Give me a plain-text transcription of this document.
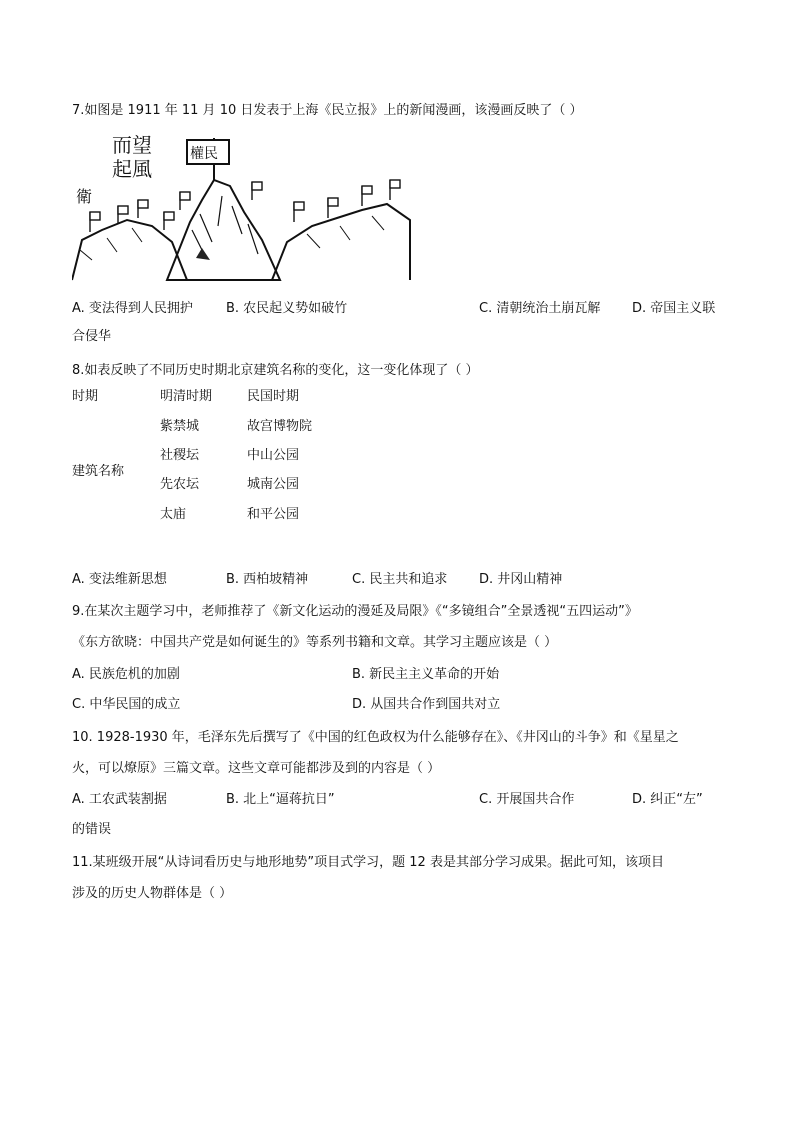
7.如图是 1911 年 11 月 10 日发表于上海《民立报》上的新闻漫画，该漫画反映了（ ）
而望
起風
衛
權民
A. 变法得到人民拥护	B. 农民起义势如破竹	C. 清朝统治土崩瓦解 D. 帝国主义联
合侵华
8.如表反映了不同历史时期北京建筑名称的变化，这一变化体现了（ ）
时期	明清时期	民国时期
建筑名称
紫禁城	故宫博物院
社稷坛	中山公园
先农坛	城南公园
太庙	和平公园
A. 变法维新思想	B. 西柏坡精神	C. 民主共和追求 D. 井冈山精神
9.在某次主题学习中，老师推荐了《新文化运动的漫延及局限》《“多镜组合”全景透视“五四运动”》
《东方欲晓：中国共产党是如何诞生的》等系列书籍和文章。其学习主题应该是（ ）
A. 民族危机的加剧	B. 新民主主义革命的开始
C. 中华民国的成立	D. 从国共合作到国共对立
10. 1928-1930 年，毛泽东先后撰写了《中国的红色政权为什么能够存在》、《井冈山的斗争》和《星星之
火，可以燎原》三篇文章。这些文章可能都涉及到的内容是（ ）
A. 工农武装割据	B. 北上“逼蒋抗日”	C. 开展国共合作	D. 纠正“左”
的错误
11.某班级开展“从诗词看历史与地形地势”项目式学习，题 12 表是其部分学习成果。据此可知，该项目
涉及的历史人物群体是（ ）
